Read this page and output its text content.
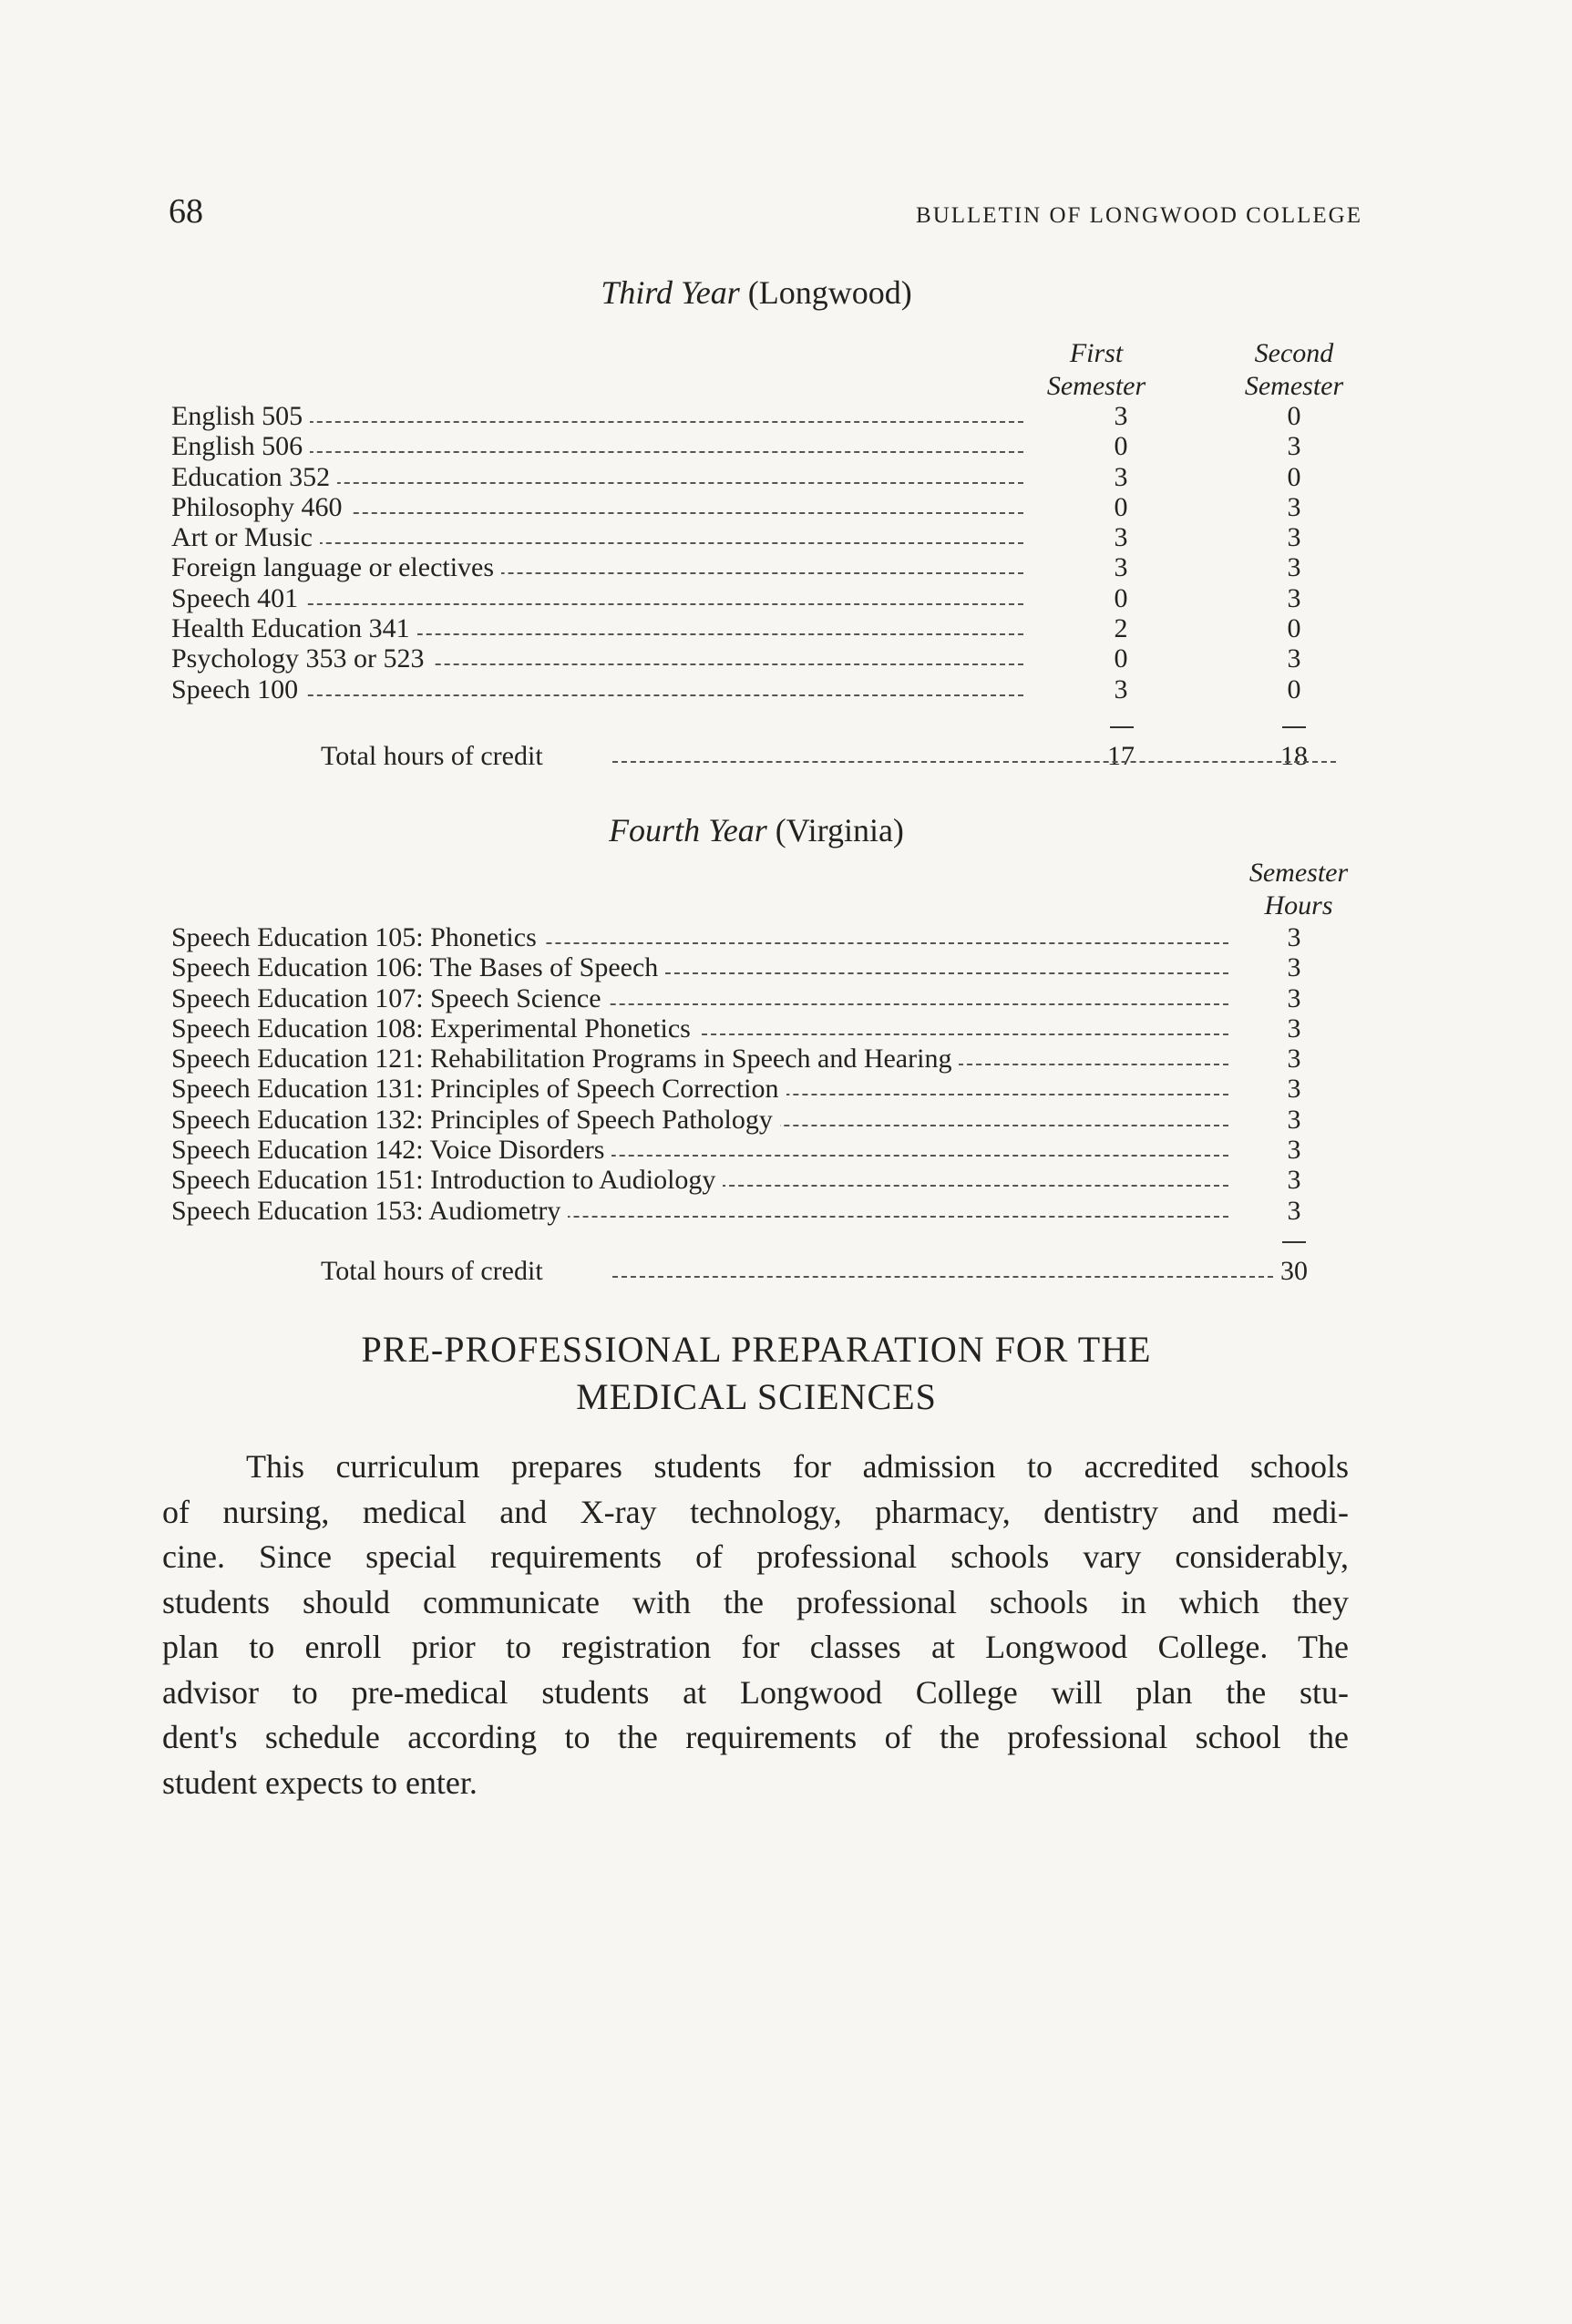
68	BULLETIN OF LONGWOOD COLLEGE
Third Year (Longwood)
First
Semester
Second
Semester
English 505	3	0
English 506	0	3
Education 352	3	0
Philosophy 460	0	3
Art or Music	3	3
Foreign language or electives	3	3
Speech 401	0	3
Health Education 341	2	0
Psychology 353 or 523	0	3
Speech 100	3	0
Total hours of credit	17	18
Fourth Year (Virginia)
Semester
Hours
Speech Education 105: Phonetics	3
Speech Education 106: The Bases of Speech	3
Speech Education 107: Speech Science	3
Speech Education 108: Experimental Phonetics	3
Speech Education 121: Rehabilitation Programs in Speech and Hearing	3
Speech Education 131: Principles of Speech Correction	3
Speech Education 132: Principles of Speech Pathology	3
Speech Education 142: Voice Disorders	3
Speech Education 151: Introduction to Audiology	3
Speech Education 153: Audiometry	3
Total hours of credit	30
PRE-PROFESSIONAL PREPARATION FOR THE
MEDICAL SCIENCES
This curriculum prepares students for admission to accredited schools
of nursing, medical and X-ray technology, pharmacy, dentistry and medi-
cine. Since special requirements of professional schools vary considerably,
students should communicate with the professional schools in which they
plan to enroll prior to registration for classes at Longwood College. The
advisor to pre-medical students at Longwood College will plan the stu-
dent's schedule according to the requirements of the professional school the
student expects to enter.
